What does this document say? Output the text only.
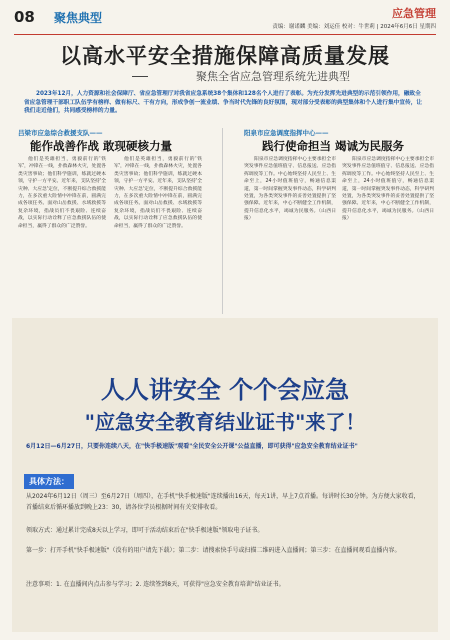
08 聚焦典型	应急管理
责编：谢诺麟 美编：刘运佳 校对：牛世莉 | 2024年6月6日 星期四
以高水平安全措施保障高质量发展
聚焦全省应急管理系统先进典型
2023年12月，人力资源和社会保障厅、省应急管理厅对我省应急系统38个集体和128名个人进行了表彰。为充分发挥先进典型的示范引领作用，融致全省应急管理干部职工队伍学有榜样、做有标尺、干有方向，形成争创一流业绩、争当时代先锋的良好氛围，现对部分受表彰的典型集体和个人进行集中宣传，让我们走近他们，共同感受榜样的力量。
吕梁市应急综合救援支队——
能作战善作战 敢现硬核力量
他们是英雄担当，勇毅前行的'铁军'，冲锋在一线，扑救森林火灾，处置各类灾害事故；他们科学施训，练就过硬本领，守护一方平安。近年来，支队坚持'全灾种、大应急'定位，不断提升综合救援能力，在多次重大险情中冲锋在前，圆满完成各项任务。面对山岳救援、水域救援等复杂环境，指战员们不畏艰险、连续奋战，以实际行动诠释了应急救援队伍的使命担当，赢得了群众的广泛赞誉。
他们是英雄担当，勇毅前行的'铁军'，冲锋在一线，扑救森林火灾，处置各类灾害事故；他们科学施训，练就过硬本领，守护一方平安。近年来，支队坚持'全灾种、大应急'定位，不断提升综合救援能力，在多次重大险情中冲锋在前，圆满完成各项任务。面对山岳救援、水域救援等复杂环境，指战员们不畏艰险、连续奋战，以实际行动诠释了应急救援队伍的使命担当，赢得了群众的广泛赞誉。
阳泉市应急调度指挥中心——
践行使命担当 竭诚为民服务
阳泉市应急调度指挥中心主要承担全市突发事件应急值班值守、信息报送、应急指挥调度等工作。中心始终坚持人民至上、生命至上，24小时值班值守，畅通信息渠道，第一时间掌握突发事件动态，科学研判处置，为各类突发事件的妥善处置提供了坚强保障。近年来，中心不断健全工作机制，提升信息化水平，竭诚为民服务。（山西日报）
阳泉市应急调度指挥中心主要承担全市突发事件应急值班值守、信息报送、应急指挥调度等工作。中心始终坚持人民至上、生命至上，24小时值班值守，畅通信息渠道，第一时间掌握突发事件动态，科学研判处置，为各类突发事件的妥善处置提供了坚强保障。近年来，中心不断健全工作机制，提升信息化水平，竭诚为民服务。（山西日报）
人人讲安全 个个会应急
"应急安全教育结业证书"来了！
6月12日—6月27日，只要你连续八天，在"快手极速版"观看"全民安全公开课"公益直播，即可获得"应急安全教育结业证书"
具体方法：
从2024年6月12日（周三）至6月27日（周四），在手机"快手极速版"连续播出16天，每天1讲，早上7点首播。每讲时长30分钟。为方便大家收看，首播结束后循环播放到晚上23：30，请各位学员根据时间有关安排收看。
领取方式：通过累计完成8天以上学习，即可于活动结束后在"快手极速版"领取电子证书。
第一步：打开手机"快手极速版"（没有的用户请先下载）；第二步：请搜索快手号或扫描二维码进入直播间；第三步：在直播间观看直播内容。
注意事项：1. 在直播间内点击参与学习；2. 连续签到8天，可获得"应急安全教育培训"结业证书。
